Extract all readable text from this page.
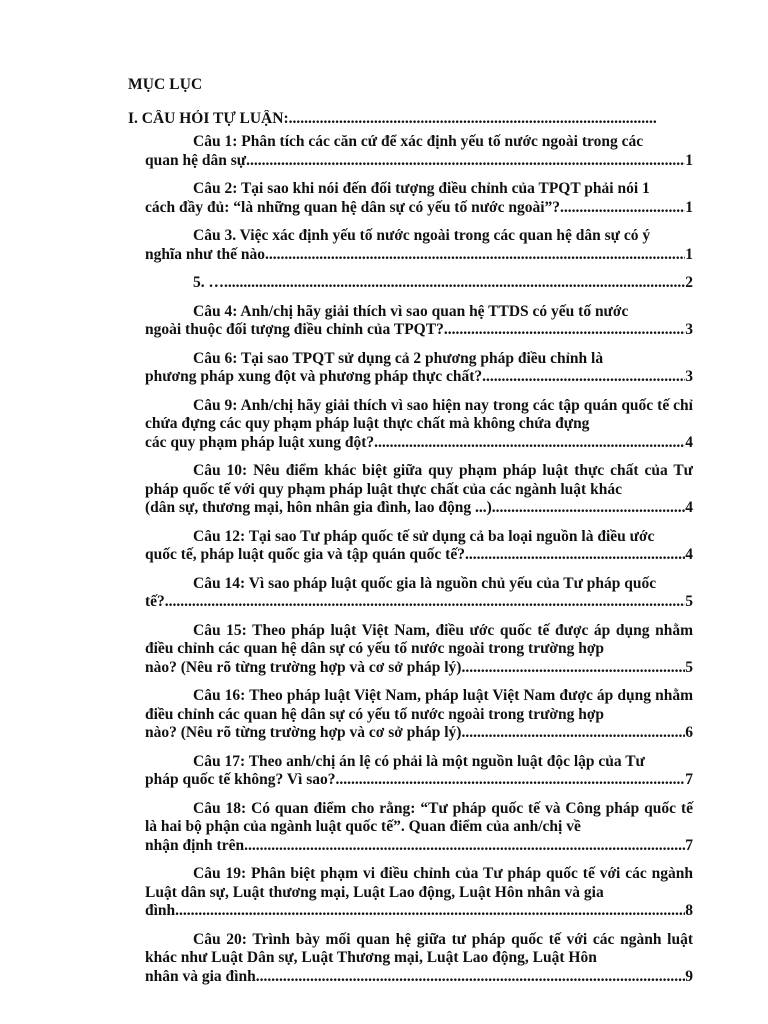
MỤC LỤC
I. CÂU HỎI TỰ LUẬN:...............................................................................................
Câu 1: Phân tích các căn cứ để xác định yếu tố nước ngoài trong các
quan hệ dân sự .....	1
Câu 2: Tại sao khi nói đến đối tượng điều chỉnh của TPQT phải nói 1
cách đầy đủ: “là những quan hệ dân sự có yếu tố nước ngoài”? .....	1
Câu 3. Việc xác định yếu tố nước ngoài trong các quan hệ dân sự có ý
nghĩa như thế nào .....	1
5. … .....	2
Câu 4: Anh/chị hãy giải thích vì sao quan hệ TTDS có yếu tố nước
ngoài thuộc đối tượng điều chỉnh của TPQT? .....	3
Câu 6: Tại sao TPQT sử dụng cả 2 phương pháp điều chỉnh là
phương pháp xung đột và phương pháp thực chất? .....	3
Câu 9: Anh/chị hãy giải thích vì sao hiện nay trong các tập quán quốc tế chỉ chứa đựng các quy phạm pháp luật thực chất mà không chứa đựng
các quy phạm pháp luật xung đột? .....	4
Câu 10: Nêu điểm khác biệt giữa quy phạm pháp luật thực chất của Tư pháp quốc tế với quy phạm pháp luật thực chất của các ngành luật khác
(dân sự, thương mại, hôn nhân gia đình, lao động ...) .....	4
Câu 12: Tại sao Tư pháp quốc tế sử dụng cả ba loại nguồn là điều ước
quốc tế, pháp luật quốc gia và tập quán quốc tế? .....	4
Câu 14: Vì sao pháp luật quốc gia là nguồn chủ yếu của Tư pháp quốc
tế? .....	5
Câu 15: Theo pháp luật Việt Nam, điều ước quốc tế được áp dụng nhằm điều chỉnh các quan hệ dân sự có yếu tố nước ngoài trong trường hợp
nào? (Nêu rõ từng trường hợp và cơ sở pháp lý) .....	5
Câu 16: Theo pháp luật Việt Nam, pháp luật Việt Nam được áp dụng nhằm điều chỉnh các quan hệ dân sự có yếu tố nước ngoài trong trường hợp
nào? (Nêu rõ từng trường hợp và cơ sở pháp lý) .....	6
Câu 17: Theo anh/chị án lệ có phải là một nguồn luật độc lập của Tư
pháp quốc tế không? Vì sao? .....	7
Câu 18: Có quan điểm cho rằng: “Tư pháp quốc tế và Công pháp quốc tế là hai bộ phận của ngành luật quốc tế”. Quan điểm của anh/chị về
nhận định trên .....	7
Câu 19: Phân biệt phạm vi điều chỉnh của Tư pháp quốc tế với các ngành Luật dân sự, Luật thương mại, Luật Lao động, Luật Hôn nhân và gia
đình .....	8
Câu 20: Trình bày mối quan hệ giữa tư pháp quốc tế với các ngành luật khác như Luật Dân sự, Luật Thương mại, Luật Lao động, Luật Hôn
nhân và gia đình .....	9
